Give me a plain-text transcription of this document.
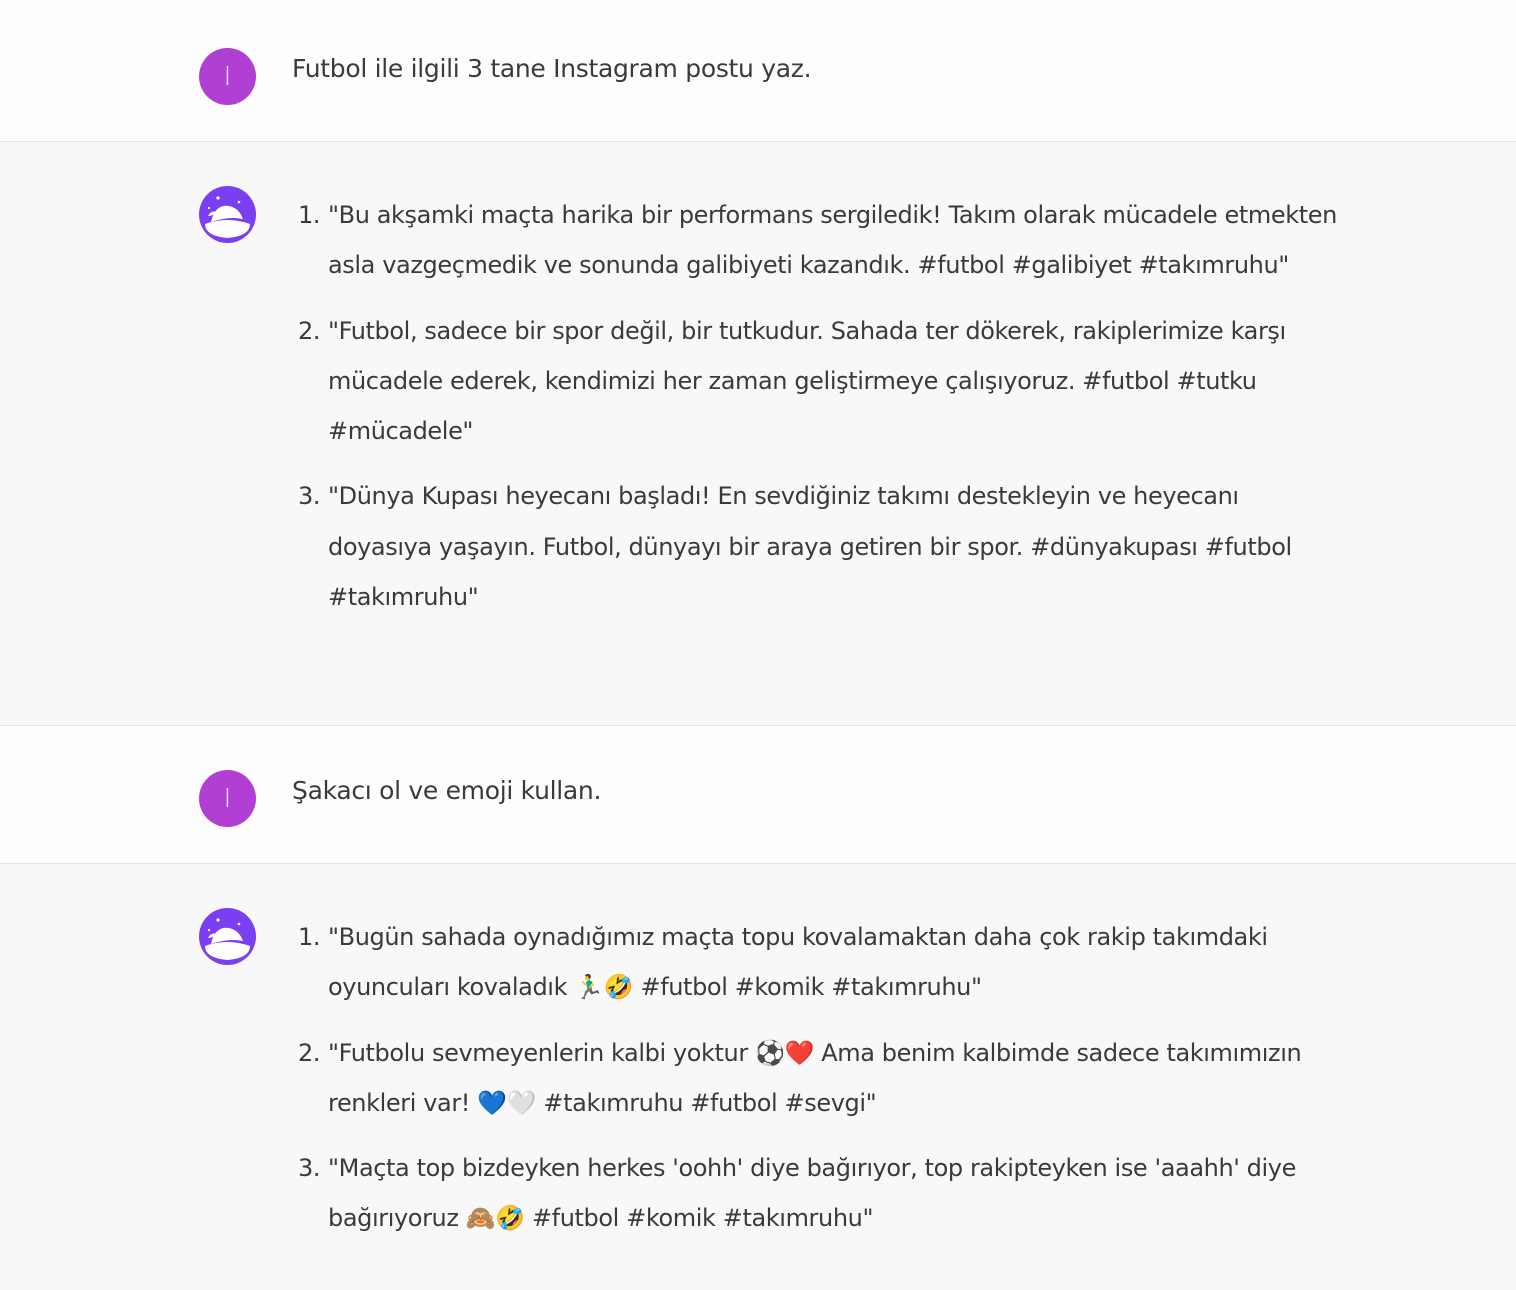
I Futbol ile ilgili 3 tane Instagram postu yaz.
1. "Bu akşamki maçta harika bir performans sergiledik! Takım olarak mücadele etmekten asla vazgeçmedik ve sonunda galibiyeti kazandık. #futbol #galibiyet #takımruhu"
2. "Futbol, sadece bir spor değil, bir tutkudur. Sahada ter dökerek, rakiplerimize karşı mücadele ederek, kendimizi her zaman geliştirmeye çalışıyoruz. #futbol #tutku #mücadele"
3. "Dünya Kupası heyecanı başladı! En sevdiğiniz takımı destekleyin ve heyecanı doyasıya yaşayın. Futbol, dünyayı bir araya getiren bir spor. #dünyakupası #futbol #takımruhu"
I Şakacı ol ve emoji kullan.
1. "Bugün sahada oynadığımız maçta topu kovalamaktan daha çok rakip takımdaki oyuncuları kovaladık 🏃‍♂️🤣 #futbol #komik #takımruhu"
2. "Futbolu sevmeyenlerin kalbi yoktur ⚽❤️ Ama benim kalbimde sadece takımımızın renkleri var! 💙🤍 #takımruhu #futbol #sevgi"
3. "Maçta top bizdeyken herkes 'oohh' diye bağırıyor, top rakipteyken ise 'aaahh' diye bağırıyoruz 🙈🤣 #futbol #komik #takımruhu"
